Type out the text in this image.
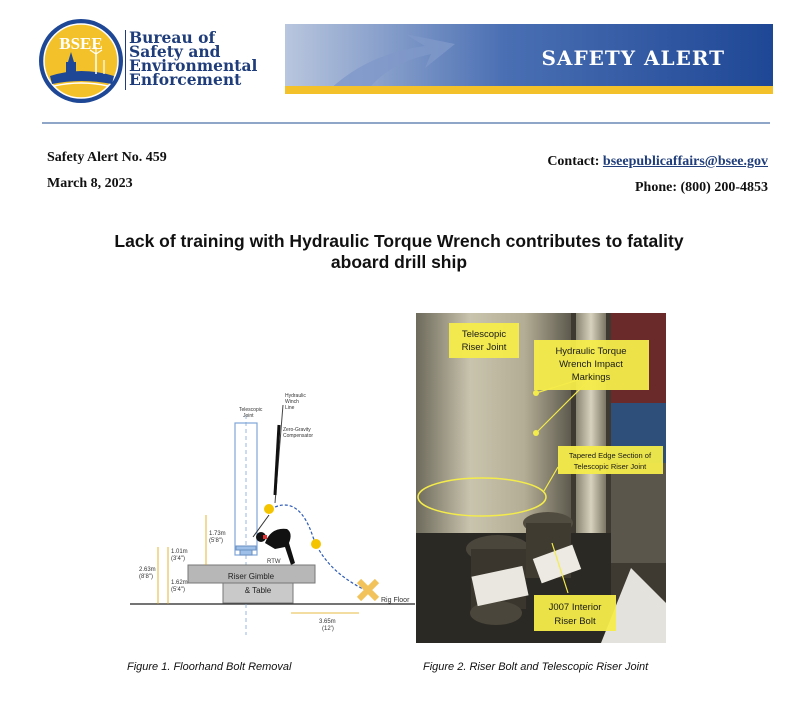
BSEE Bureau of
Safety and
Environmental
Enforcement
SAFETY ALERT
Safety Alert No. 459
March 8, 2023
Contact: bseepublicaffairs@bsee.gov
Phone: (800) 200-4853
Lack of training with Hydraulic Torque Wrench contributes to fatality
aboard drill ship
Riser Gimble
& Table
Rig Floor
Hydraulic
Winch
Line
Telescopic
Joint
Zero-Gravity
Compensator
RTW
1.73m
(5'8")
1.01m
(3'4")
2.63m
(8'8")
1.62m
(5'4")
3.65m
(12')
Figure 1. Floorhand Bolt Removal
Telescopic
Riser Joint	Hydraulic Torque
Wrench Impact
Markings
Tapered Edge Section of
Telescopic Riser Joint
J007 Interior
Riser Bolt
Figure 2. Riser Bolt and Telescopic Riser Joint
